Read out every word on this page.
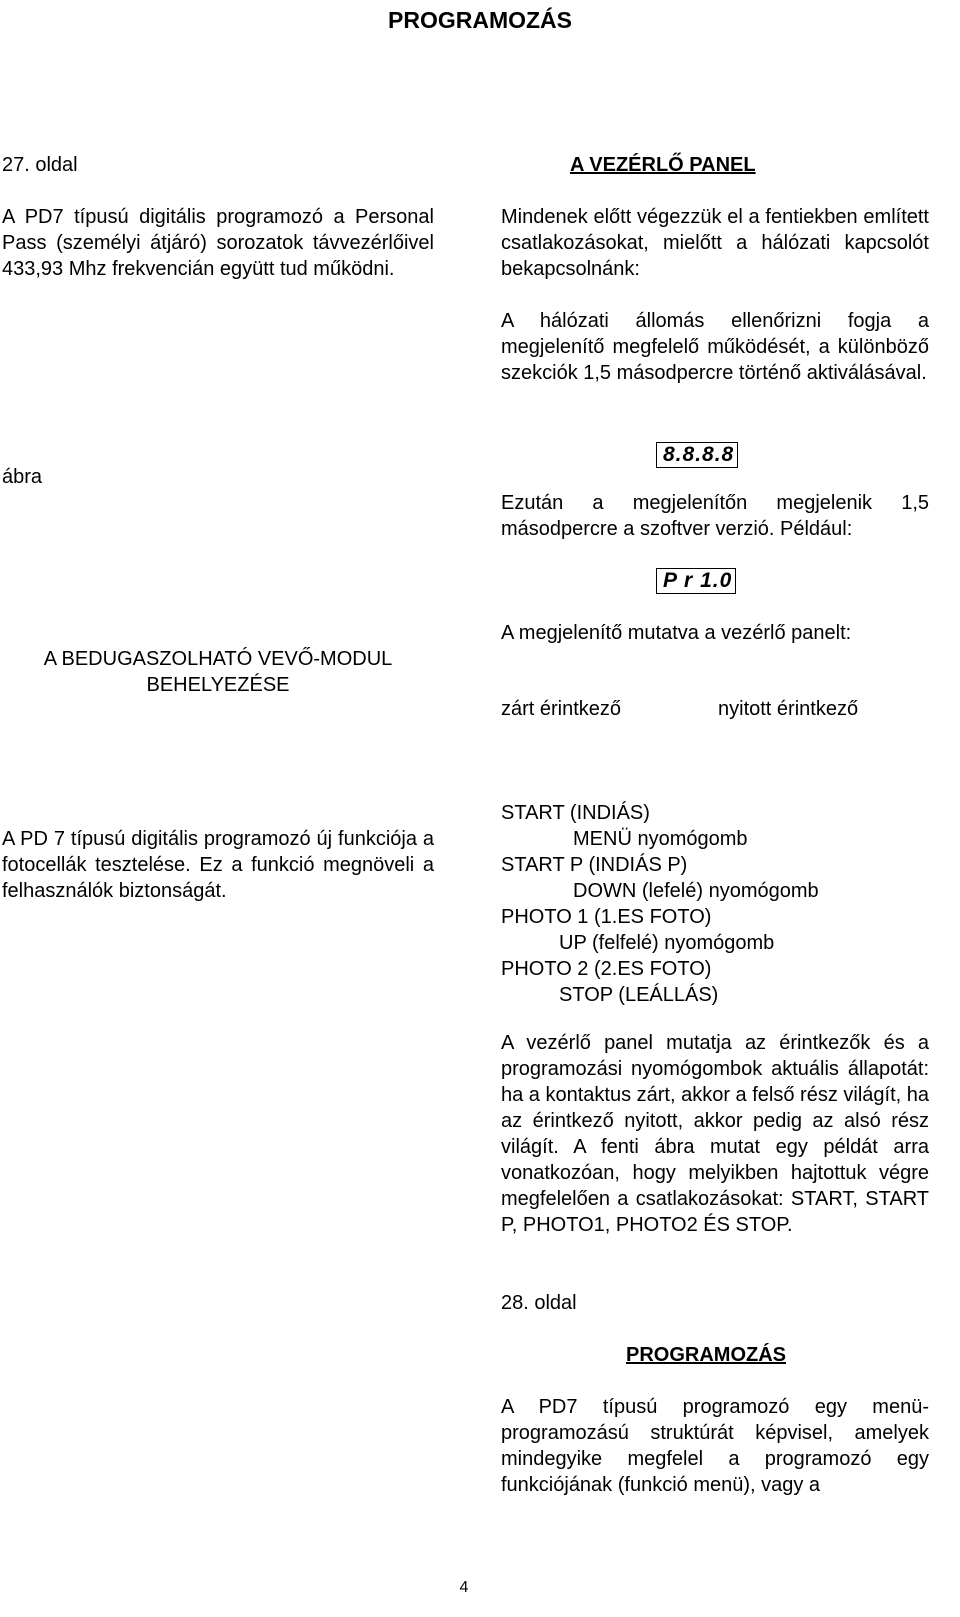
PROGRAMOZÁS
27. oldal
A PD7 típusú digitális programozó a Personal Pass (személyi átjáró) sorozatok távvezérlőivel 433,93 Mhz frekvencián együtt tud működni.
ábra
A BEDUGASZOLHATÓ VEVŐ-MODUL
BEHELYEZÉSE
A PD 7 típusú digitális programozó új funkciója a fotocellák tesztelése. Ez a funkció megnöveli a felhasználók biztonságát.
A VEZÉRLŐ PANEL
Mindenek előtt végezzük el a fentiekben említett csatlakozásokat, mielőtt a hálózati kapcsolót bekapcsolnánk:
A hálózati állomás ellenőrizni fogja a megjelenítő megfelelő működését, a különböző szekciók 1,5 másodpercre történő aktiválásával.
8.8.8.8
Ezután a megjelenítőn megjelenik 1,5 másodpercre a szoftver verzió. Például:
P r 1.0
A megjelenítő mutatva a vezérlő panelt:
zárt érintkező	nyitott érintkező
START (INDIÁS)
MENÜ nyomógomb
START P (INDIÁS P)
DOWN (lefelé) nyomógomb
PHOTO 1 (1.ES FOTO)
UP (felfelé) nyomógomb
PHOTO 2 (2.ES FOTO)
STOP (LEÁLLÁS)
A vezérlő panel mutatja az érintkezők és a programozási nyomógombok aktuális állapotát: ha a kontaktus zárt, akkor a felső rész világít, ha az érintkező nyitott, akkor pedig az alsó rész világít. A fenti ábra mutat egy példát arra vonatkozóan, hogy melyikben hajtottuk végre megfelelően a csatlakozásokat: START, START P, PHOTO1, PHOTO2 ÉS STOP.
28. oldal
PROGRAMOZÁS
A PD7 típusú programozó egy menü-programozású struktúrát képvisel, amelyek mindegyike megfelel a programozó egy funkciójának (funkció menü), vagy a
4
